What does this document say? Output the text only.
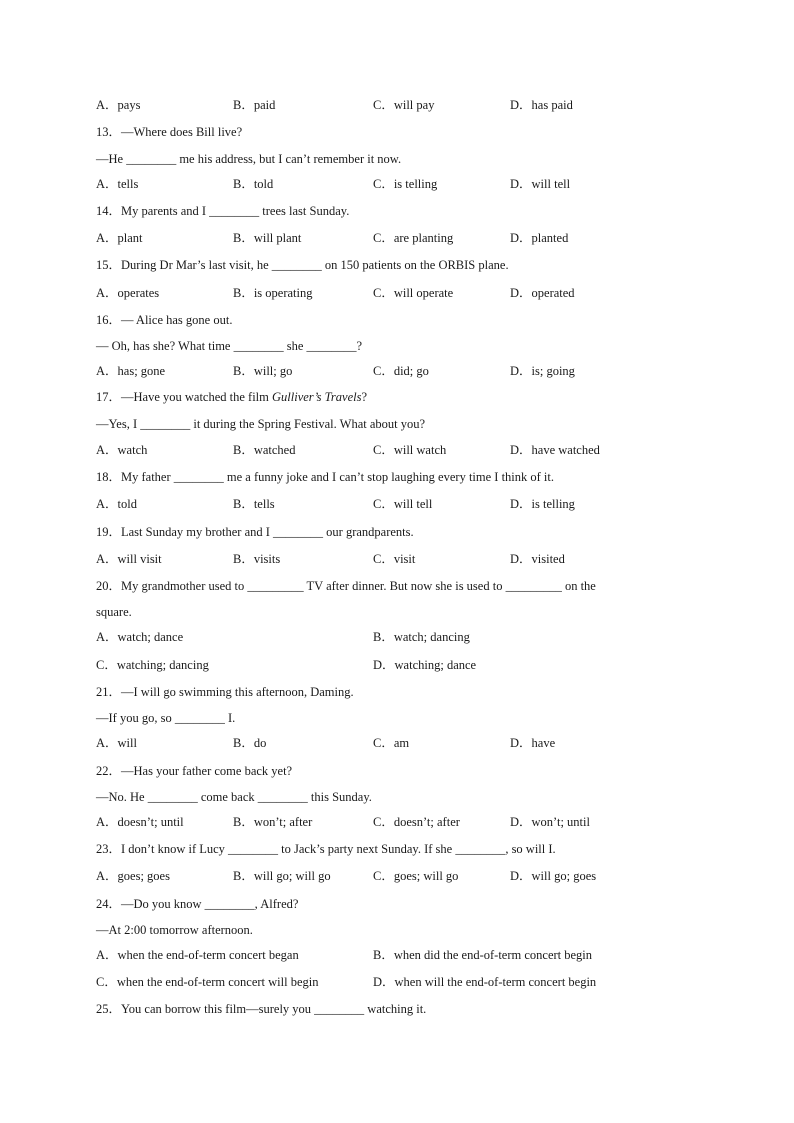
A．pays	B．paid	C．will pay	D．has paid
13．—Where does Bill live?
—He ________ me his address, but I can’t remember it now.
A．tells	B．told	C．is telling	D．will tell
14．My parents and I ________ trees last Sunday.
A．plant	B．will plant	C．are planting	D．planted
15．During Dr Mar’s last visit, he ________ on 150 patients on the ORBIS plane.
A．operates	B．is operating	C．will operate	D．operated
16．— Alice has gone out.
— Oh, has she? What time ________ she ________?
A．has; gone	B．will; go	C．did; go	D．is; going
17．—Have you watched the film Gulliver’s Travels?
—Yes, I ________ it during the Spring Festival. What about you?
A．watch	B．watched	C．will watch	D．have watched
18．My father ________ me a funny joke and I can’t stop laughing every time I think of it.
A．told	B．tells	C．will tell	D．is telling
19．Last Sunday my brother and I ________ our grandparents.
A．will visit	B．visits	C．visit	D．visited
20．My grandmother used to _________ TV after dinner. But now she is used to _________ on the
square.
A．watch; dance	B．watch; dancing
C．watching; dancing	D．watching; dance
21．—I will go swimming this afternoon, Daming.
—If you go, so ________ I.
A．will	B．do	C．am	D．have
22．—Has your father come back yet?
—No. He ________ come back ________ this Sunday.
A．doesn’t; until	B．won’t; after	C．doesn’t; after	D．won’t; until
23．I don’t know if Lucy ________ to Jack’s party next Sunday. If she ________, so will I.
A．goes; goes	B．will go; will go	C．goes; will go	D．will go; goes
24．—Do you know ________, Alfred?
—At 2:00 tomorrow afternoon.
A．when the end-of-term concert began	B．when did the end-of-term concert begin
C．when the end-of-term concert will begin	D．when will the end-of-term concert begin
25．You can borrow this film—surely you ________ watching it.
